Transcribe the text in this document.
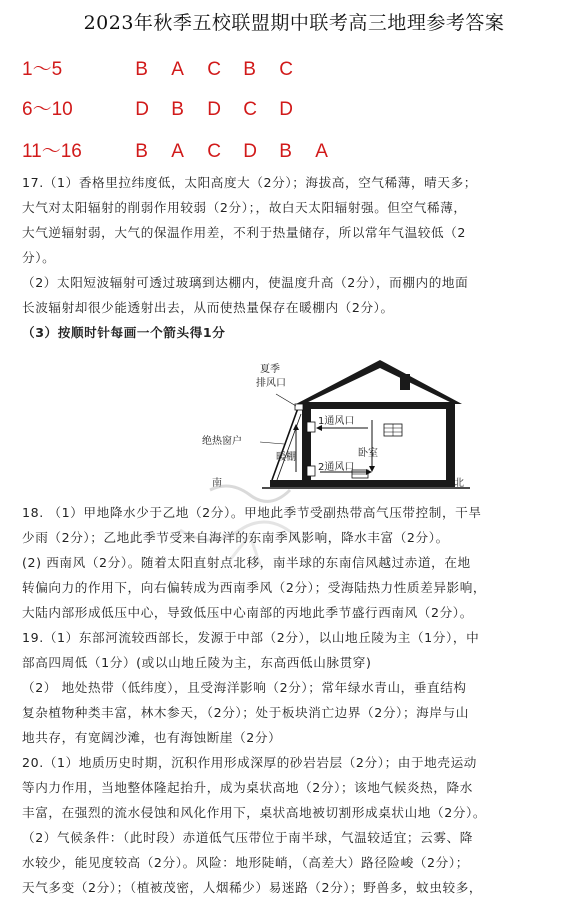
2023年秋季五校联盟期中联考高三地理参考答案
1～5	B A C B C
6～10	D B D C D
11～16	B A C D B A

17.（1）香格里拉纬度低，太阳高度大（2分）；海拔高，空气稀薄，晴天多；

大气对太阳辐射的削弱作用较弱（2分）；，故白天太阳辐射强。但空气稀薄，

大气逆辐射弱，大气的保温作用差，不利于热量储存，所以常年气温较低（2

分）。

（2）太阳短波辐射可透过玻璃到达棚内，使温度升高（2分），而棚内的地面

长波辐射却很少能透射出去，从而使热量保存在暖棚内（2分）。

（3）按顺时针每画一个箭头得1分

夏季
排风口
绝热窗户
1通风口
2通风口
暖棚	卧室
南	北

18. （1）甲地降水少于乙地（2分）。甲地此季节受副热带高气压带控制，干旱

少雨（2分）；乙地此季节受来自海洋的东南季风影响，降水丰富（2分）。

(2) 西南风（2分）。随着太阳直射点北移，南半球的东南信风越过赤道，在地

转偏向力的作用下，向右偏转成为西南季风（2分）；受海陆热力性质差异影响，

大陆内部形成低压中心，导致低压中心南部的丙地此季节盛行西南风（2分）。

19.（1）东部河流较西部长，发源于中部（2分），以山地丘陵为主（1分），中

部高四周低（1分）(或以山地丘陵为主，东高西低山脉贯穿)

（2） 地处热带（低纬度），且受海洋影响（2分）；常年绿水青山，垂直结构

复杂植物种类丰富，林木参天，（2分）；处于板块消亡边界（2分）；海岸与山

地共存，有宽阔沙滩，也有海蚀断崖（2分）

20.（1）地质历史时期，沉积作用形成深厚的砂岩岩层（2分）；由于地壳运动

等内力作用，当地整体隆起抬升，成为桌状高地（2分）；该地气候炎热，降水

丰富，在强烈的流水侵蚀和风化作用下，桌状高地被切割形成桌状山地（2分）。

（2）气候条件：（此时段）赤道低气压带位于南半球，气温较适宜；云雾、降

水较少，能见度较高（2分）。风险：地形陡峭，（高差大）路径险峻（2分）；

天气多变（2分）；（植被茂密，人烟稀少）易迷路（2分）；野兽多，蚊虫较多，
